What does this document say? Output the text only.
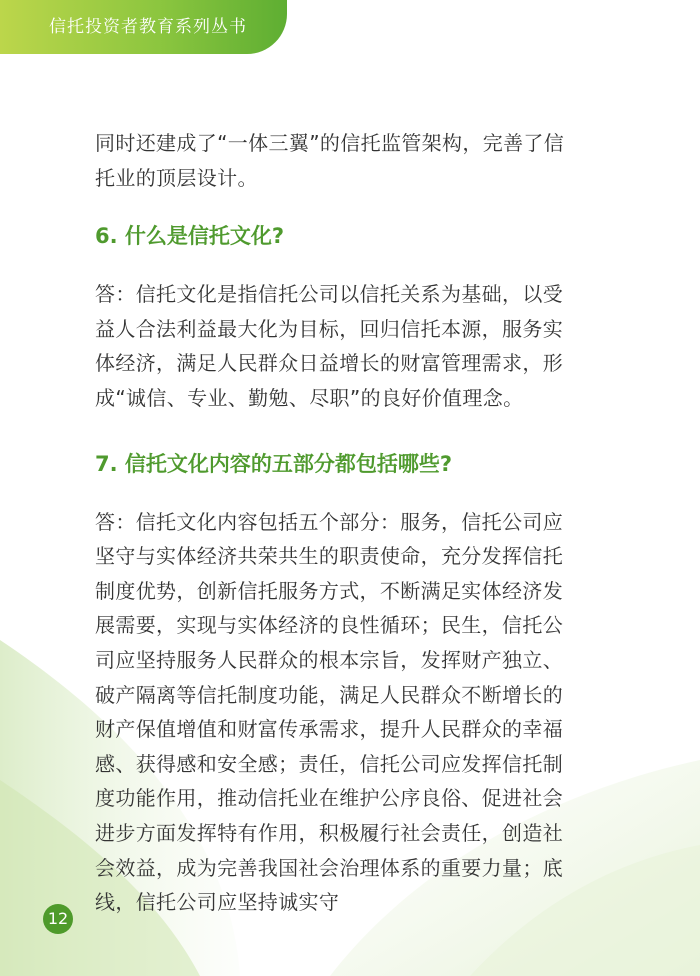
信托投资者教育系列丛书

同时还建成了“一体三翼”的信托监管架构，完善了信托业的顶层设计。

6. 什么是信托文化?

答：信托文化是指信托公司以信托关系为基础，以受益人合法利益最大化为目标，回归信托本源，服务实体经济，满足人民群众日益增长的财富管理需求，形成“诚信、专业、勤勉、尽职”的良好价值理念。

7. 信托文化内容的五部分都包括哪些?

答：信托文化内容包括五个部分：服务，信托公司应坚守与实体经济共荣共生的职责使命，充分发挥信托制度优势，创新信托服务方式，不断满足实体经济发展需要，实现与实体经济的良性循环；民生，信托公司应坚持服务人民群众的根本宗旨，发挥财产独立、破产隔离等信托制度功能，满足人民群众不断增长的财产保值增值和财富传承需求，提升人民群众的幸福感、获得感和安全感；责任，信托公司应发挥信托制度功能作用，推动信托业在维护公序良俗、促进社会进步方面发挥特有作用，积极履行社会责任，创造社会效益，成为完善我国社会治理体系的重要力量；底线，信托公司应坚持诚实守

12
